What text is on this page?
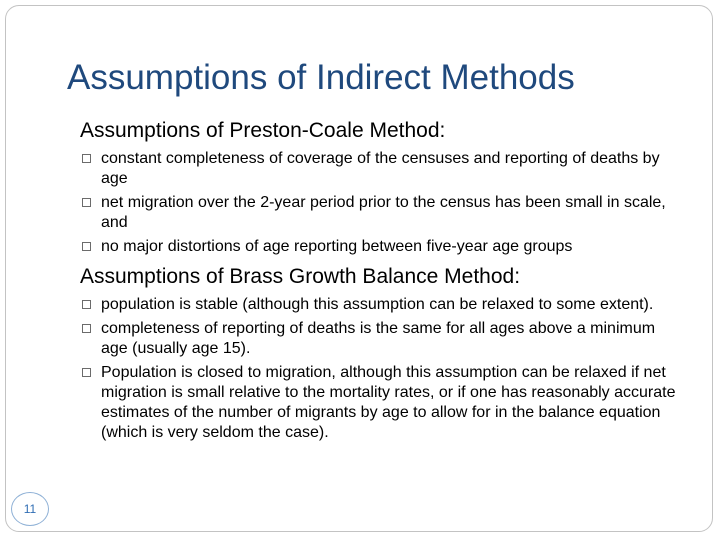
Assumptions of Indirect Methods
Assumptions of Preston-Coale Method:
constant completeness of coverage of the censuses and reporting of deaths by age
net migration over the 2-year period prior to the census has been small in scale, and
no major distortions of age reporting between five-year age groups
Assumptions of Brass Growth Balance Method:
population is stable (although this assumption can be relaxed to some extent).
completeness of reporting of deaths is the same for all ages above a minimum age (usually age 15).
Population is closed to migration, although this assumption can be relaxed if net migration is small relative to the mortality rates, or if one has reasonably accurate estimates of the number of migrants by age to allow for in the balance equation (which is very seldom the case).
11
